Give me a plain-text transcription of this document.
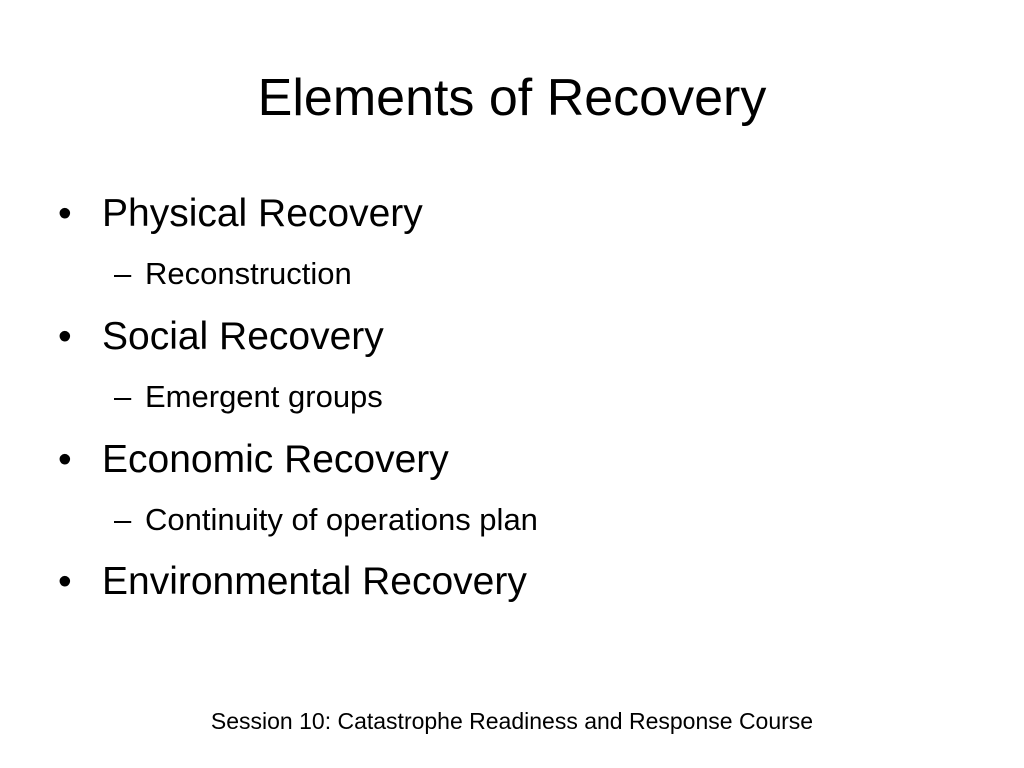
Elements of Recovery
• Physical Recovery
– Reconstruction
• Social Recovery
– Emergent groups
• Economic Recovery
– Continuity of operations plan
• Environmental Recovery
Session 10: Catastrophe Readiness and Response Course
